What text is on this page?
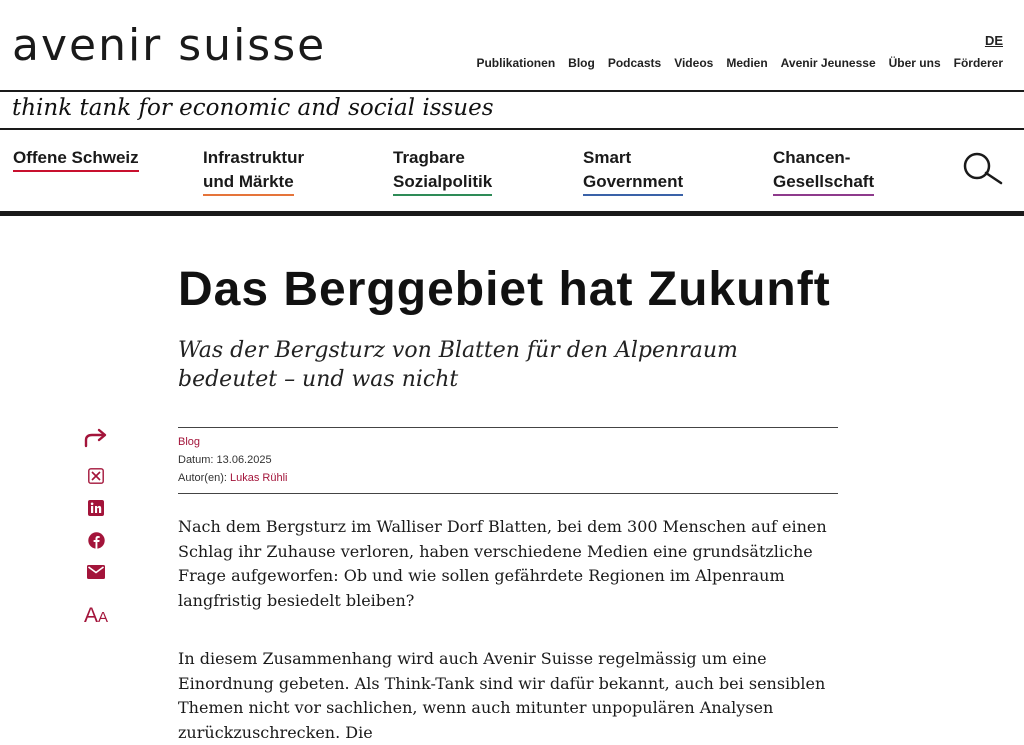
avenir suisse	DE
Publikationen Blog Podcasts Videos Medien Avenir Jeunesse Über uns Förderer
think tank for economic and social issues
Offene Schweiz	Infrastruktur
und Märkte
Tragbare
Sozialpolitik
Smart
Government
Chancen-
Gesellschaft
Das Berggebiet hat Zukunft
Was der Bergsturz von Blatten für den Alpenraum bedeutet – und was nicht
Blog
Datum: 13.06.2025
Autor(en): Lukas Rühli
AA

Nach dem Bergsturz im Walliser Dorf Blatten, bei dem 300 Menschen auf einen Schlag ihr Zuhause verloren, haben verschiedene Medien eine grundsätzliche Frage aufgeworfen: Ob und wie sollen gefährdete Regionen im Alpenraum langfristig besiedelt bleiben?

In diesem Zusammenhang wird auch Avenir Suisse regelmässig um eine Einordnung gebeten. Als Think-Tank sind wir dafür bekannt, auch bei sensiblen Themen nicht vor sachlichen, wenn auch mitunter unpopulären Analysen zurückzuschrecken. Die
